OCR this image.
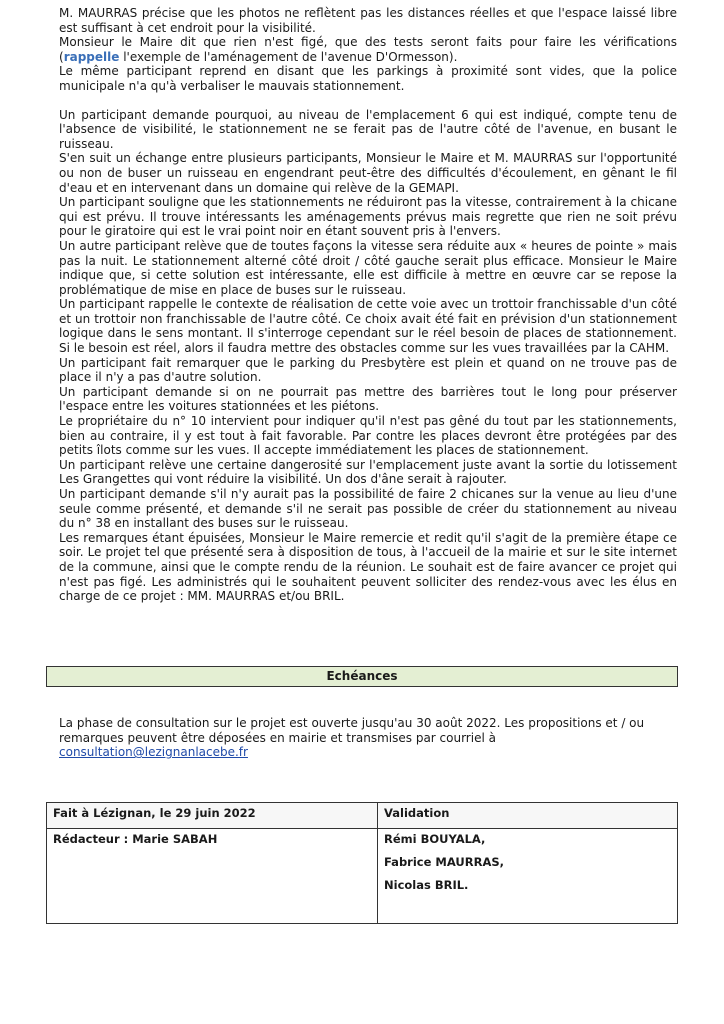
M. MAURRAS précise que les photos ne reflètent pas les distances réelles et que l'espace laissé libre est suffisant à cet endroit pour la visibilité.

Monsieur le Maire dit que rien n'est figé, que des tests seront faits pour faire les vérifications (rappelle l'exemple de l'aménagement de l'avenue D'Ormesson).

Le même participant reprend en disant que les parkings à proximité sont vides, que la police municipale n'a qu'à verbaliser le mauvais stationnement.

Un participant demande pourquoi, au niveau de l'emplacement 6 qui est indiqué, compte tenu de l'absence de visibilité, le stationnement ne se ferait pas de l'autre côté de l'avenue, en busant le ruisseau.

S'en suit un échange entre plusieurs participants, Monsieur le Maire et M. MAURRAS sur l'opportunité ou non de buser un ruisseau en engendrant peut-être des difficultés d'écoulement, en gênant le fil d'eau et en intervenant dans un domaine qui relève de la GEMAPI.

Un participant souligne que les stationnements ne réduiront pas la vitesse, contrairement à la chicane qui est prévu. Il trouve intéressants les aménagements prévus mais regrette que rien ne soit prévu pour le giratoire qui est le vrai point noir en étant souvent pris à l'envers.

Un autre participant relève que de toutes façons la vitesse sera réduite aux « heures de pointe » mais pas la nuit. Le stationnement alterné côté droit / côté gauche serait plus efficace. Monsieur le Maire indique que, si cette solution est intéressante, elle est difficile à mettre en œuvre car se repose la problématique de mise en place de buses sur le ruisseau.

Un participant rappelle le contexte de réalisation de cette voie avec un trottoir franchissable d'un côté et un trottoir non franchissable de l'autre côté. Ce choix avait été fait en prévision d'un stationnement logique dans le sens montant. Il s'interroge cependant sur le réel besoin de places de stationnement. Si le besoin est réel, alors il faudra mettre des obstacles comme sur les vues travaillées par la CAHM.

Un participant fait remarquer que le parking du Presbytère est plein et quand on ne trouve pas de place il n'y a pas d'autre solution.

Un participant demande si on ne pourrait pas mettre des barrières tout le long pour préserver l'espace entre les voitures stationnées et les piétons.

Le propriétaire du n° 10 intervient pour indiquer qu'il n'est pas gêné du tout par les stationnements, bien au contraire, il y est tout à fait favorable. Par contre les places devront être protégées par des petits îlots comme sur les vues. Il accepte immédiatement les places de stationnement.

Un participant relève une certaine dangerosité sur l'emplacement juste avant la sortie du lotissement Les Grangettes qui vont réduire la visibilité. Un dos d'âne serait à rajouter.

Un participant demande s'il n'y aurait pas la possibilité de faire 2 chicanes sur la venue au lieu d'une seule comme présenté, et demande s'il ne serait pas possible de créer du stationnement au niveau du n° 38 en installant des buses sur le ruisseau.

Les remarques étant épuisées, Monsieur le Maire remercie et redit qu'il s'agit de la première étape ce soir. Le projet tel que présenté sera à disposition de tous, à l'accueil de la mairie et sur le site internet de la commune, ainsi que le compte rendu de la réunion. Le souhait est de faire avancer ce projet qui n'est pas figé. Les administrés qui le souhaitent peuvent solliciter des rendez-vous avec les élus en charge de ce projet : MM. MAURRAS et/ou BRIL.

Echéances

La phase de consultation sur le projet est ouverte jusqu'au 30 août 2022. Les propositions et / ou remarques peuvent être déposées en mairie et transmises par courriel à

consultation@lezignanlacebe.fr

Fait à Lézignan, le 29 juin 2022	Validation
Rédacteur : Marie SABAH	Rémi BOUYALA,

Fabrice MAURRAS,

Nicolas BRIL.
